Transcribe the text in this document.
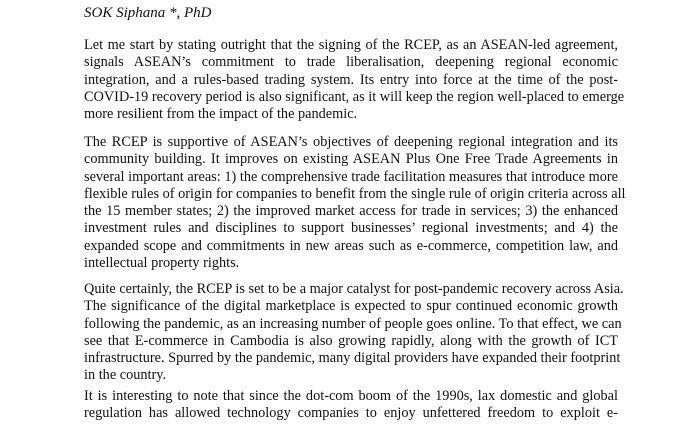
SOK Siphana *, PhD
Let me start by stating outright that the signing of the RCEP, as an ASEAN-led agreement,
signals ASEAN’s commitment to trade liberalisation, deepening regional economic
integration, and a rules-based trading system. Its entry into force at the time of the post-
COVID-19 recovery period is also significant, as it will keep the region well-placed to emerge
more resilient from the impact of the pandemic.
The RCEP is supportive of ASEAN’s objectives of deepening regional integration and its
community building. It improves on existing ASEAN Plus One Free Trade Agreements in
several important areas: 1) the comprehensive trade facilitation measures that introduce more
flexible rules of origin for companies to benefit from the single rule of origin criteria across all
the 15 member states; 2) the improved market access for trade in services; 3) the enhanced
investment rules and disciplines to support businesses’ regional investments; and 4) the
expanded scope and commitments in new areas such as e-commerce, competition law, and
intellectual property rights.
Quite certainly, the RCEP is set to be a major catalyst for post-pandemic recovery across Asia.
The significance of the digital marketplace is expected to spur continued economic growth
following the pandemic, as an increasing number of people goes online. To that effect, we can
see that E-commerce in Cambodia is also growing rapidly, along with the growth of ICT
infrastructure. Spurred by the pandemic, many digital providers have expanded their footprint
in the country.
It is interesting to note that since the dot-com boom of the 1990s, lax domestic and global
regulation has allowed technology companies to enjoy unfettered freedom to exploit e-
